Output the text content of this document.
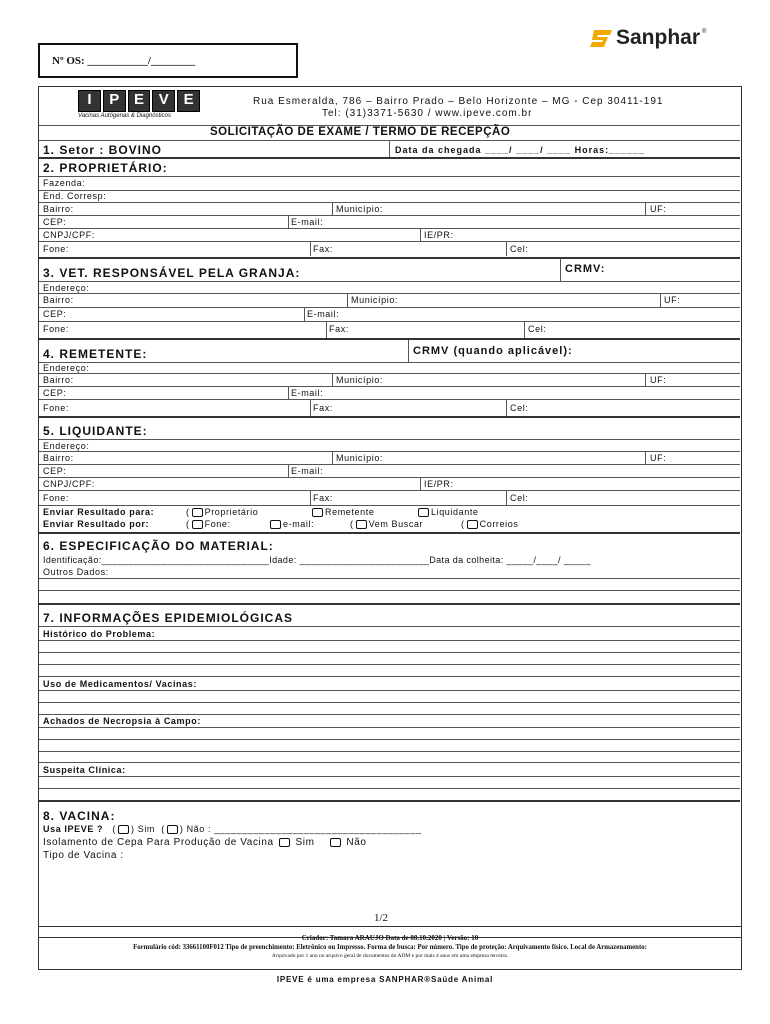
Nº OS: ___________/________
Sanphar ®
I	P E V E
Vacinas Autógenas & Diagnósticos
Rua Esmeralda, 786 – Bairro Prado – Belo Horizonte – MG - Cep 30411-191
Tel: (31)3371-5630 / www.ipeve.com.br
SOLICITAÇÃO DE EXAME / TERMO DE RECEPÇÃO
1. Setor : BOVINO	Data da chegada ____/ ____/ ____ Horas:______
2. PROPRIETÁRIO:
Fazenda:
End. Corresp:
Bairro:	Município:	UF:
CEP:	E-mail:
CNPJ/CPF:	IE/PR:
Fone:	Fax:	Cel:
3. VET. RESPONSÁVEL PELA GRANJA:	CRMV:
Endereço:
Bairro:	Município:	UF:
CEP:	E-mail:
Fone:	Fax:	Cel:
4. REMETENTE:	CRMV (quando aplicável):
Endereço:
Bairro:	Município:	UF:
CEP:	E-mail:
Fone:	Fax:	Cel:
5. LIQUIDANTE:
Endereço:
Bairro:	Município:	UF:
CEP:	E-mail:
CNPJ/CPF:	IE/PR:
Fone:	Fax:	Cel:
Enviar Resultado para:	( Proprietário	Remetente	Liquidante
Enviar Resultado por:	( Fone:	e-mail:	( Vem Buscar	( Correios
6. ESPECIFICAÇÃO DO MATERIAL:
Identificação:_______________________________Idade: ________________________Data da colheita: _____/____/ _____
Outros Dados:
7. INFORMAÇÕES EPIDEMIOLÓGICAS
Histórico do Problema:
Uso de Medicamentos/ Vacinas:
Achados de Necropsia à Campo:
Suspeita Clínica:
8. VACINA:
Usa IPEVE ?   ( ) Sim  ( ) Não : _____________________________________
Isolamento de Cepa Para Produção de Vacina Sim	Não
Tipo de Vacina :
1/2
Criador: Tamara ARAUJO Data de 08.10.2020 | Versão: 10
Formulário cód: 33661100F012 Tipo de preenchimento: Eletrônico ou Impresso. Forma de busca: Por número. Tipo de proteção: Arquivamento físico. Local de Armazenamento:
Arquivado por 1 ano no arquivo geral de documentos do ADM e por mais 4 anos em uma empresa terceira.
IPEVE é uma empresa SANPHAR®Saúde Animal
